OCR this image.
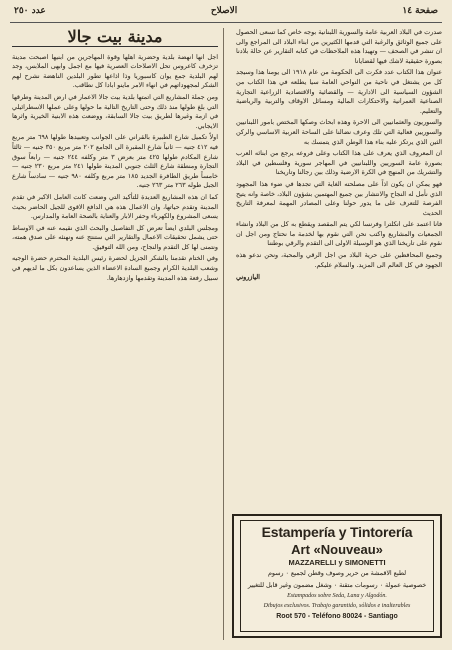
صفحة ١٤
الاصلاح
عدد ٢٥٠

صدرت في البلاد العربية عامة والسورية اللبنانية بوجه خاص كما تسعى الحصول على جميع الوثائق والرغبة التي قدمها الكثيرين من ابناء البلاد الى المراجع والى ان تنشر في الصحف — وتهيدا هذه الملاحظات في كتابه التقارير عن حالة بلادنا بصورة حقيقية لاشك فيها لقضايانا

عنوان هذا الكتاب عدد فكرت الى الحكومة من عام ١٩١٨ الى يومنا هذا وسيجد كل من يشتغل في ناحية من النواحي العامة سيا يطلعه في هذا الكتاب من الشؤون السياسية الى الادارية — والقضائية والاقتصادية الزراعية التجارية الصناعية العمرانية والاحتكارات المالية ومسائل الاوقاف والتربية والرياضية والتعليم.

والسوريون والعثمانيين الى الاحرة وهذه ابحاث وصكها المختص بامور اللبنانيين والسوريين فعالية التي تلك وعرف نضالنا على الساحة العربية الاساسي والركن الثين الذي يرتكز عليه بناء هذا الوطن الذي يتمسك به

ان المعروف الذي يعرف على هذا الكتاب وعلى فروعه يرجع من ابنائه العرب بصورة عامة السوريين واللبنانيين في المهاجر سورية وفلسطين في البلاد والتشريك من المنهج في الكرة الارضية وذلك بين رجالنا وتاريخنا

فهو يمكن ان يكون اذاً على مصلحته الغاية التي تجدها في ضوء هذا المجهود الذي نأمل له النجاح والانتشار بين جميع المهتمين بشؤون البلاد، خاصة وانه يتيح الفرصة للتعرف على ما يدور حولنا وعلى المصادر المهمة لمعرفة التاريخ الحديث

فانا اعتمد على انكلترا وفرنسا لكي يتم المقصد ويقطع به كل من البلاد وانشاء الجمعيات والمشاريع واكتب نحن التي نقوم بها لخدمة ما نحتاج ومن اجل ان نقوم على تاريخنا الذي هو الوسيلة الاولى الى التقدم والرقي بوطننا

وجميع المحافظين على حرية البلاد من اجل الرقي والمحبة، ونحن ندعو هذه الجهود في كل العالم الى المزيد. والسلام عليكم.

اليازروني
مدينة بيت جالا

اجل انها انهضة بلدية وحضرية اهلها وقوة المهاجرين من ابنيها اصبحت مدينة تزخرف كاعروس تحل الاصلاحات العصرية فيها مع اجمل وابهى الملابس، وجد لهم البلدية جمع يوان كاسبوريا وذا اذاعها تطور البلدين الناهضة نشرح لهم الشكر لمجهوداتهم في انهاء الامر ماينو ابادا كل نطاقب.

ومن جملة المشاريع التي اتمتها بلدية بيت جالا الاعمار في ارض المدينة وطرقها التي بلغ طولها منذ ذلك وحتى التاريخ التالية ما حولها وعلى عملها الاسطرائيلي في ازمة وغيرها لطريق بيت جالا السابقة، ووضعت هذه الابنية الخيرية واثرها الايجابي.

اولاً تكميل شارع الطبيرة بالقراني على الجوانب وتعبيدها طولها ٦٩٨ متر مربع فيه ٤١٢ جنيه — ثانياً شارع المقبرة الى الجامع ٢٠٢ متر مربع ٣٥٠ جنيه — ثالثاً شارع المكادم طولها ٤٢٥ متر بعرض ٣ متر وكلفه ٢٤٤ جنيه — رابعاً سوق التجارة ومنطقة شارع الثلث جنوبي المدينة طولها ٢٤١ متر مربع ٢٣٠ جنيه — خامساً طريق الطافرة الجديد ١٨٥ متر مربع وكلفه ٩٨٠ جنيه — سادساً شارع الجبل طوله ٢٦٣ متر ٢٦٣ جنيه.

كما ان هذه المشاريع العديدة للتأكيد التي وضعت كانت العامل الاكبر في تقدم المدينة وتقدم حياتها، وان الاعمال هذه هي الدافع الاقوى للجيل الحاضر بحيث يسعى المشروع والكهرباء وحفر الابار والعناية بالصحة العامة والمدارس.

ومجلس البلدي ايضاً تعرض كل التفاصيل والبحث الذي نقيمه عنه في الاوساط حتى يشمل تحقيقات الاعمال والتقارير التي ستنتج عنه ونهنئه على صدق همته، ونتمنى لها كل التقدم والنجاح، ومن الله التوفيق.

وفي الختام تقدمنا بالشكر الجزيل لحضرة رئيس البلدية المحترم حضرة الوجيه وشعب البلدية الكرام وجميع السادة الاعضاء الذين يساعدون بكل ما لديهم في سبيل رفعة هذه المدينة وتقدمها وازدهارها.

Estampería y Tintorería
Art «Nouveau»
MAZZARELLI y SIMONETTI
لطبع الاقمشة من حرير وصوف وقطن لجميع ٠ رسوم
خصوصية عمولة ٠ رسومات متقنة ٠ وشغل مضمون وغير قابل للتغيير
Estampados sobre Seda, Lana y Algodón.
Dibujos exclusivos. Trabajo garantido, sólidos e inalterables
Root 570 - Teléfono 80024 - Santiago
